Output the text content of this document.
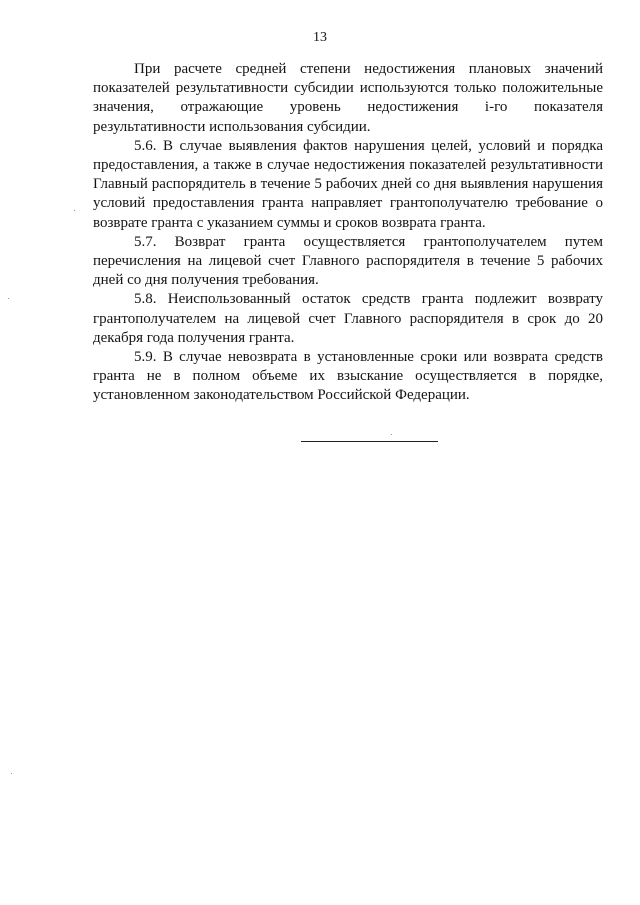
13

При расчете средней степени недостижения плановых значений показателей результативности субсидии используются только положительные значения, отражающие уровень недостижения i-го показателя результативности использования субсидии.

5.6. В случае выявления фактов нарушения целей, условий и порядка предоставления, а также в случае недостижения показателей результативности Главный распорядитель в течение 5 рабочих дней со дня выявления нарушения условий предоставления гранта направляет грантополучателю требование о возврате гранта с указанием суммы и сроков возврата гранта.

5.7. Возврат гранта осуществляется грантополучателем путем перечисления на лицевой счет Главного распорядителя в течение 5 рабочих дней со дня получения требования.

5.8. Неиспользованный остаток средств гранта подлежит возврату грантополучателем на лицевой счет Главного распорядителя в срок до 20 декабря года получения гранта.

5.9. В случае невозврата в установленные сроки или возврата средств гранта не в полном объеме их взыскание осуществляется в порядке, установленном законодательством Российской Федерации.
